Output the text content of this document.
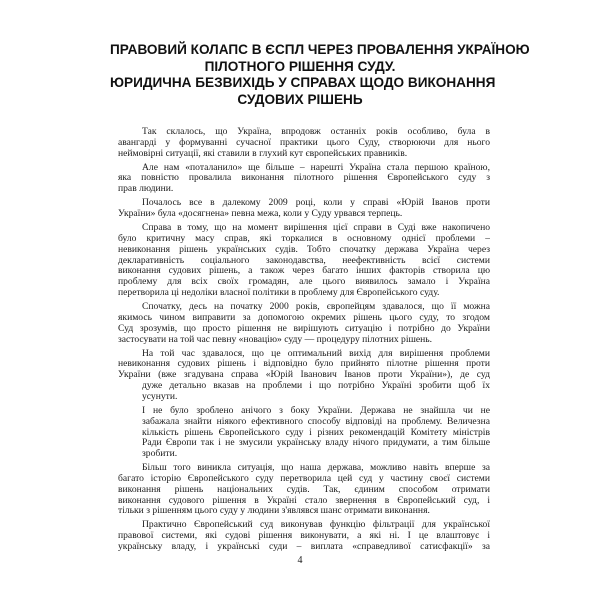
ПРАВОВИЙ КОЛАПС В ЄСПЛ ЧЕРЕЗ ПРОВАЛЕННЯ УКРАЇНОЮ
ПІЛОТНОГО РІШЕННЯ СУДУ.
ЮРИДИЧНА БЕЗВИХІДЬ У СПРАВАХ ЩОДО ВИКОНАННЯ
СУДОВИХ РІШЕНЬ

Так склалось, що Україна, впродовж останніх років особливо, була в
авангарді у формуванні сучасної практики цього Суду, створюючи для нього
неймовірні ситуації, які ставили в глухий кут європейських правників.

Але нам «поталанило» ще більше – нарешті Україна стала першою країною,
яка повністю провалила виконання пілотного рішення Європейського суду з
прав людини.

Почалось все в далекому 2009 році, коли у справі «Юрій Іванов проти
України» була «досягнена» певна межа, коли у Суду урвався терпець.

Справа в тому, що на момент вирішення цієї справи в Суді вже накопичено
було критичну масу справ, які торкалися в основному однієї проблеми –
невиконання рішень українських судів. Тобто спочатку держава Україна через
декларативність соціального законодавства, неефективність всієї системи
виконання судових рішень, а також через багато інших факторів створила цю
проблему для всіх своїх громадян, але цього виявилось замало і Україна
перетворила ці недоліки власної політики в проблему для Європейського суду.

Спочатку, десь на початку 2000 років, європейцям здавалося, що її можна
якимось чином виправити за допомогою окремих рішень цього суду, то згодом
Суд зрозумів, що просто рішення не вирішують ситуацію і потрібно до України
застосувати на той час певну «новацію» суду — процедуру пілотних рішень.

На той час здавалося, що це оптимальний вихід для вирішення проблеми
невиконання судових рішень і відповідно було прийнято пілотне рішення проти
України (вже згадувана справа «Юрій Іванович Іванов проти України»), де суд
дуже детально вказав на проблеми і що потрібно Україні зробити щоб їх
усунути.

І не було зроблено анічого з боку України. Держава не знайшла чи не
забажала знайти ніякого ефективного способу відповіді на проблему. Величезна
кількість рішень Європейського суду і різних рекомендацій Комітету міністрів
Ради Європи так і не змусили українську владу нічого придумати, а тим більше
зробити.

Більш того виникла ситуація, що наша держава, можливо навіть вперше за
багато історію Європейського суду перетворила цей суд у частину своєї системи
виконання рішень національних судів. Так, єдиним способом отримати
виконання судового рішення в Україні стало звернення в Європейський суд, і
тільки з рішенням цього суду у людини з'являвся шанс отримати виконання.

Практично Європейський суд виконував функцію фільтрації для української
правової системи, які судові рішення виконувати, а які ні. І це влаштовує і
українську владу, і українські суди – виплата «справедливої сатисфакції» за

4
